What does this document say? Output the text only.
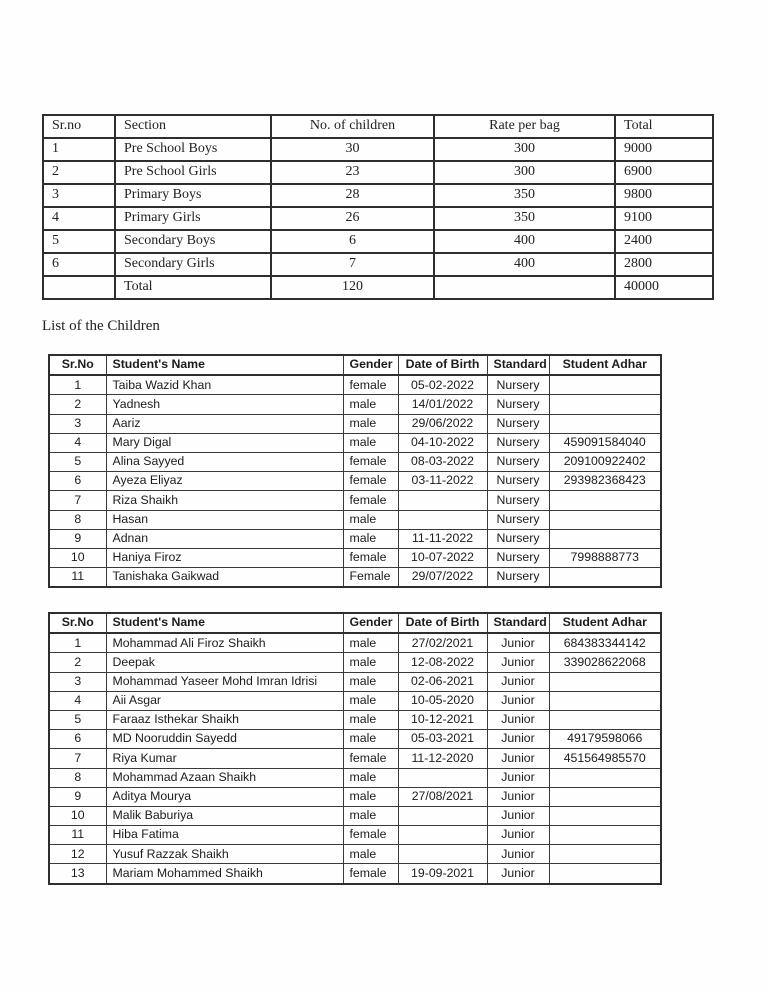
Sr.no	Section	No. of children	Rate per bag	Total
1	Pre School Boys	30	300	9000
2	Pre School Girls	23	300	6900
3	Primary Boys	28	350	9800
4	Primary Girls	26	350	9100
5	Secondary Boys	6	400	2400
6	Secondary Girls	7	400	2800
	Total	120		40000
List of the Children
Sr.No	Student's Name	Gender	Date of Birth	Standard	Student Adhar
1	Taiba Wazid Khan	female	05-02-2022	Nursery	
2	Yadnesh	male	14/01/2022	Nursery	
3	Aariz	male	29/06/2022	Nursery	
4	Mary Digal	male	04-10-2022	Nursery	459091584040
5	Alina Sayyed	female	08-03-2022	Nursery	209100922402
6	Ayeza Eliyaz	female	03-11-2022	Nursery	293982368423
7	Riza Shaikh	female		Nursery	
8	Hasan	male		Nursery	
9	Adnan	male	11-11-2022	Nursery	
10	Haniya Firoz	female	10-07-2022	Nursery	7998888773
11	Tanishaka Gaikwad	Female	29/07/2022	Nursery	
Sr.No	Student's Name	Gender	Date of Birth	Standard	Student Adhar
1	Mohammad Ali Firoz Shaikh	male	27/02/2021	Junior	684383344142
2	Deepak	male	12-08-2022	Junior	339028622068
3	Mohammad Yaseer Mohd Imran Idrisi	male	02-06-2021	Junior	
4	Aii Asgar	male	10-05-2020	Junior	
5	Faraaz Isthekar Shaikh	male	10-12-2021	Junior	
6	MD Nooruddin Sayedd	male	05-03-2021	Junior	49179598066
7	Riya Kumar	female	11-12-2020	Junior	451564985570
8	Mohammad Azaan Shaikh	male		Junior	
9	Aditya Mourya	male	27/08/2021	Junior	
10	Malik Baburiya	male		Junior	
11	Hiba Fatima	female		Junior	
12	Yusuf Razzak Shaikh	male		Junior	
13	Mariam Mohammed Shaikh	female	19-09-2021	Junior	
